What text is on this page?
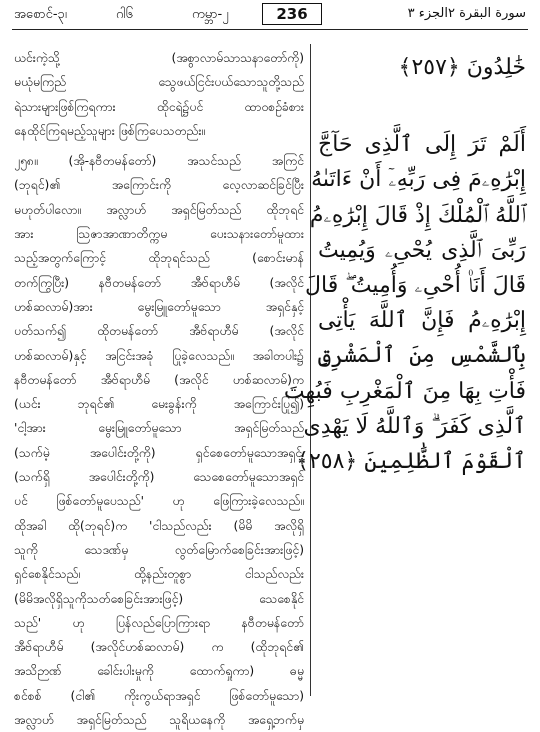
အစောင်-၃၊	ဂါ၆	ကမ္ဘာ-၂	236	الجزء ٣ سورة البقرة ٢
ယင်းကဲ့သို့ (အစွာလာမ်သာသနာတော်ကို)
မယုံမကြည် သွေဖယ်ငြင်းပယ်သောသူတို့သည်
ရဲသားများဖြစ်ကြရကား ထိုငရဲ၌ပင် ထာဝစဉ်ခံစား
နေထိုင်ကြရမည့်သူများ ဖြစ်ကြပေသတည်း။
၂၅၈။ (အို-နဗီတမန်တော်) အသင်သည် အကြင်
(ဘုရင်)၏ အကြောင်းကို လေ့လာဆင်ခြင်ပြီး
မဟုတ်ပါလော။ အလ္လာဟ် အရှင်မြတ်သည် ထိုဘုရင်
အား ဩဇာအာဏာတိက္ကမ ပေးသနားတော်မူထား
သည့်အတွက်ကြောင့် ထိုဘုရင်သည် (စောင်းမာန်
တက်ကြွပြီး) နဗီတမန်တော် အီဗ်ရာဟီမ် (အလိုင်
ဟစ်ဆလာမ်)အား မွေးမြူတော်မူသော အရှင်နှင့်
ပတ်သက်၍ ထိုတမန်တော် အီဗ်ရာဟီမ် (အလိုင်
ဟစ်ဆလာမ်)နှင့် အငြင်းအခုံ ပြုခဲ့လေသည်။ အခါတပါး၌
နဗီတမန်တော် အီဗ်ရာဟီမ် (အလိုင် ဟစ်ဆလာမ်)က
(ယင်း ဘုရင်၏ မေးခွန်းကို အကြောင်းပြု၍)
'ငါ့အား မွေးမြူတော်မူသော အရှင်မြတ်သည်
(သက်မဲ့ အပေါင်းတို့ကို) ရှင်စေတော်မူသောအရှင်၊
(သက်ရှိ အပေါင်းတို့ကို) သေစေတော်မူသောအရှင်
ပင် ဖြစ်တော်မူပေသည်' ဟု ဖြေကြားခဲ့လေသည်။
ထိုအခါ ထို(ဘုရင်)က 'ငါသည်လည်း (မိမိ အလိုရှိ
သူကို သေဒဏ်မှ လွတ်မြောက်စေခြင်းအားဖြင့်)
ရှင်စေနိုင်သည်၊ ထို့နည်းတူစွာ ငါသည်လည်း
(မိမိအလိုရှိသူကိုသတ်စေခြင်းအားဖြင့်) သေစေနိုင်
သည်' ဟု ပြန်လည်ပြောကြားရာ နဗီတမန်တော်
အီဗ်ရာဟီမ် (အလိုင်ဟစ်ဆလာမ်) က (ထိုဘုရင်၏
အသိဉာဏ် ခေါင်းပါးမှုကို ထောက်ရှုကာ) ဓမ္မ
စင်စစ် (ငါ၏ ကိုးကွယ်ရာအရှင် ဖြစ်တော်မူသော)
အလ္လာဟ် အရှင်မြတ်သည် သူရိယနေကို အရှေ့ဘက်မှ
خَٰلِدُونَ ﴿٢٥٧﴾
أَلَمْ تَرَ إِلَى ٱلَّذِى حَآجَّ
إِبْرَٰهِۦمَ فِى رَبِّهِۦٓ أَنْ ءَاتَىٰهُ
ٱللَّهُ ٱلْمُلْكَ إِذْ قَالَ إِبْرَٰهِۦمُ
رَبِّىَ ٱلَّذِى يُحْىِۦ وَيُمِيتُ
قَالَ أَنَا۠ أُحْىِۦ وَأُمِيتُ ۖ قَالَ
إِبْرَٰهِۦمُ فَإِنَّ ٱللَّهَ يَأْتِى
بِٱلشَّمْسِ مِنَ ٱلْمَشْرِقِ
فَأْتِ بِهَا مِنَ ٱلْمَغْرِبِ فَبُهِتَ
ٱلَّذِى كَفَرَ ۗ وَٱللَّهُ لَا يَهْدِى
ٱلْقَوْمَ ٱلظَّٰلِمِينَ ﴿٢٥٨﴾
